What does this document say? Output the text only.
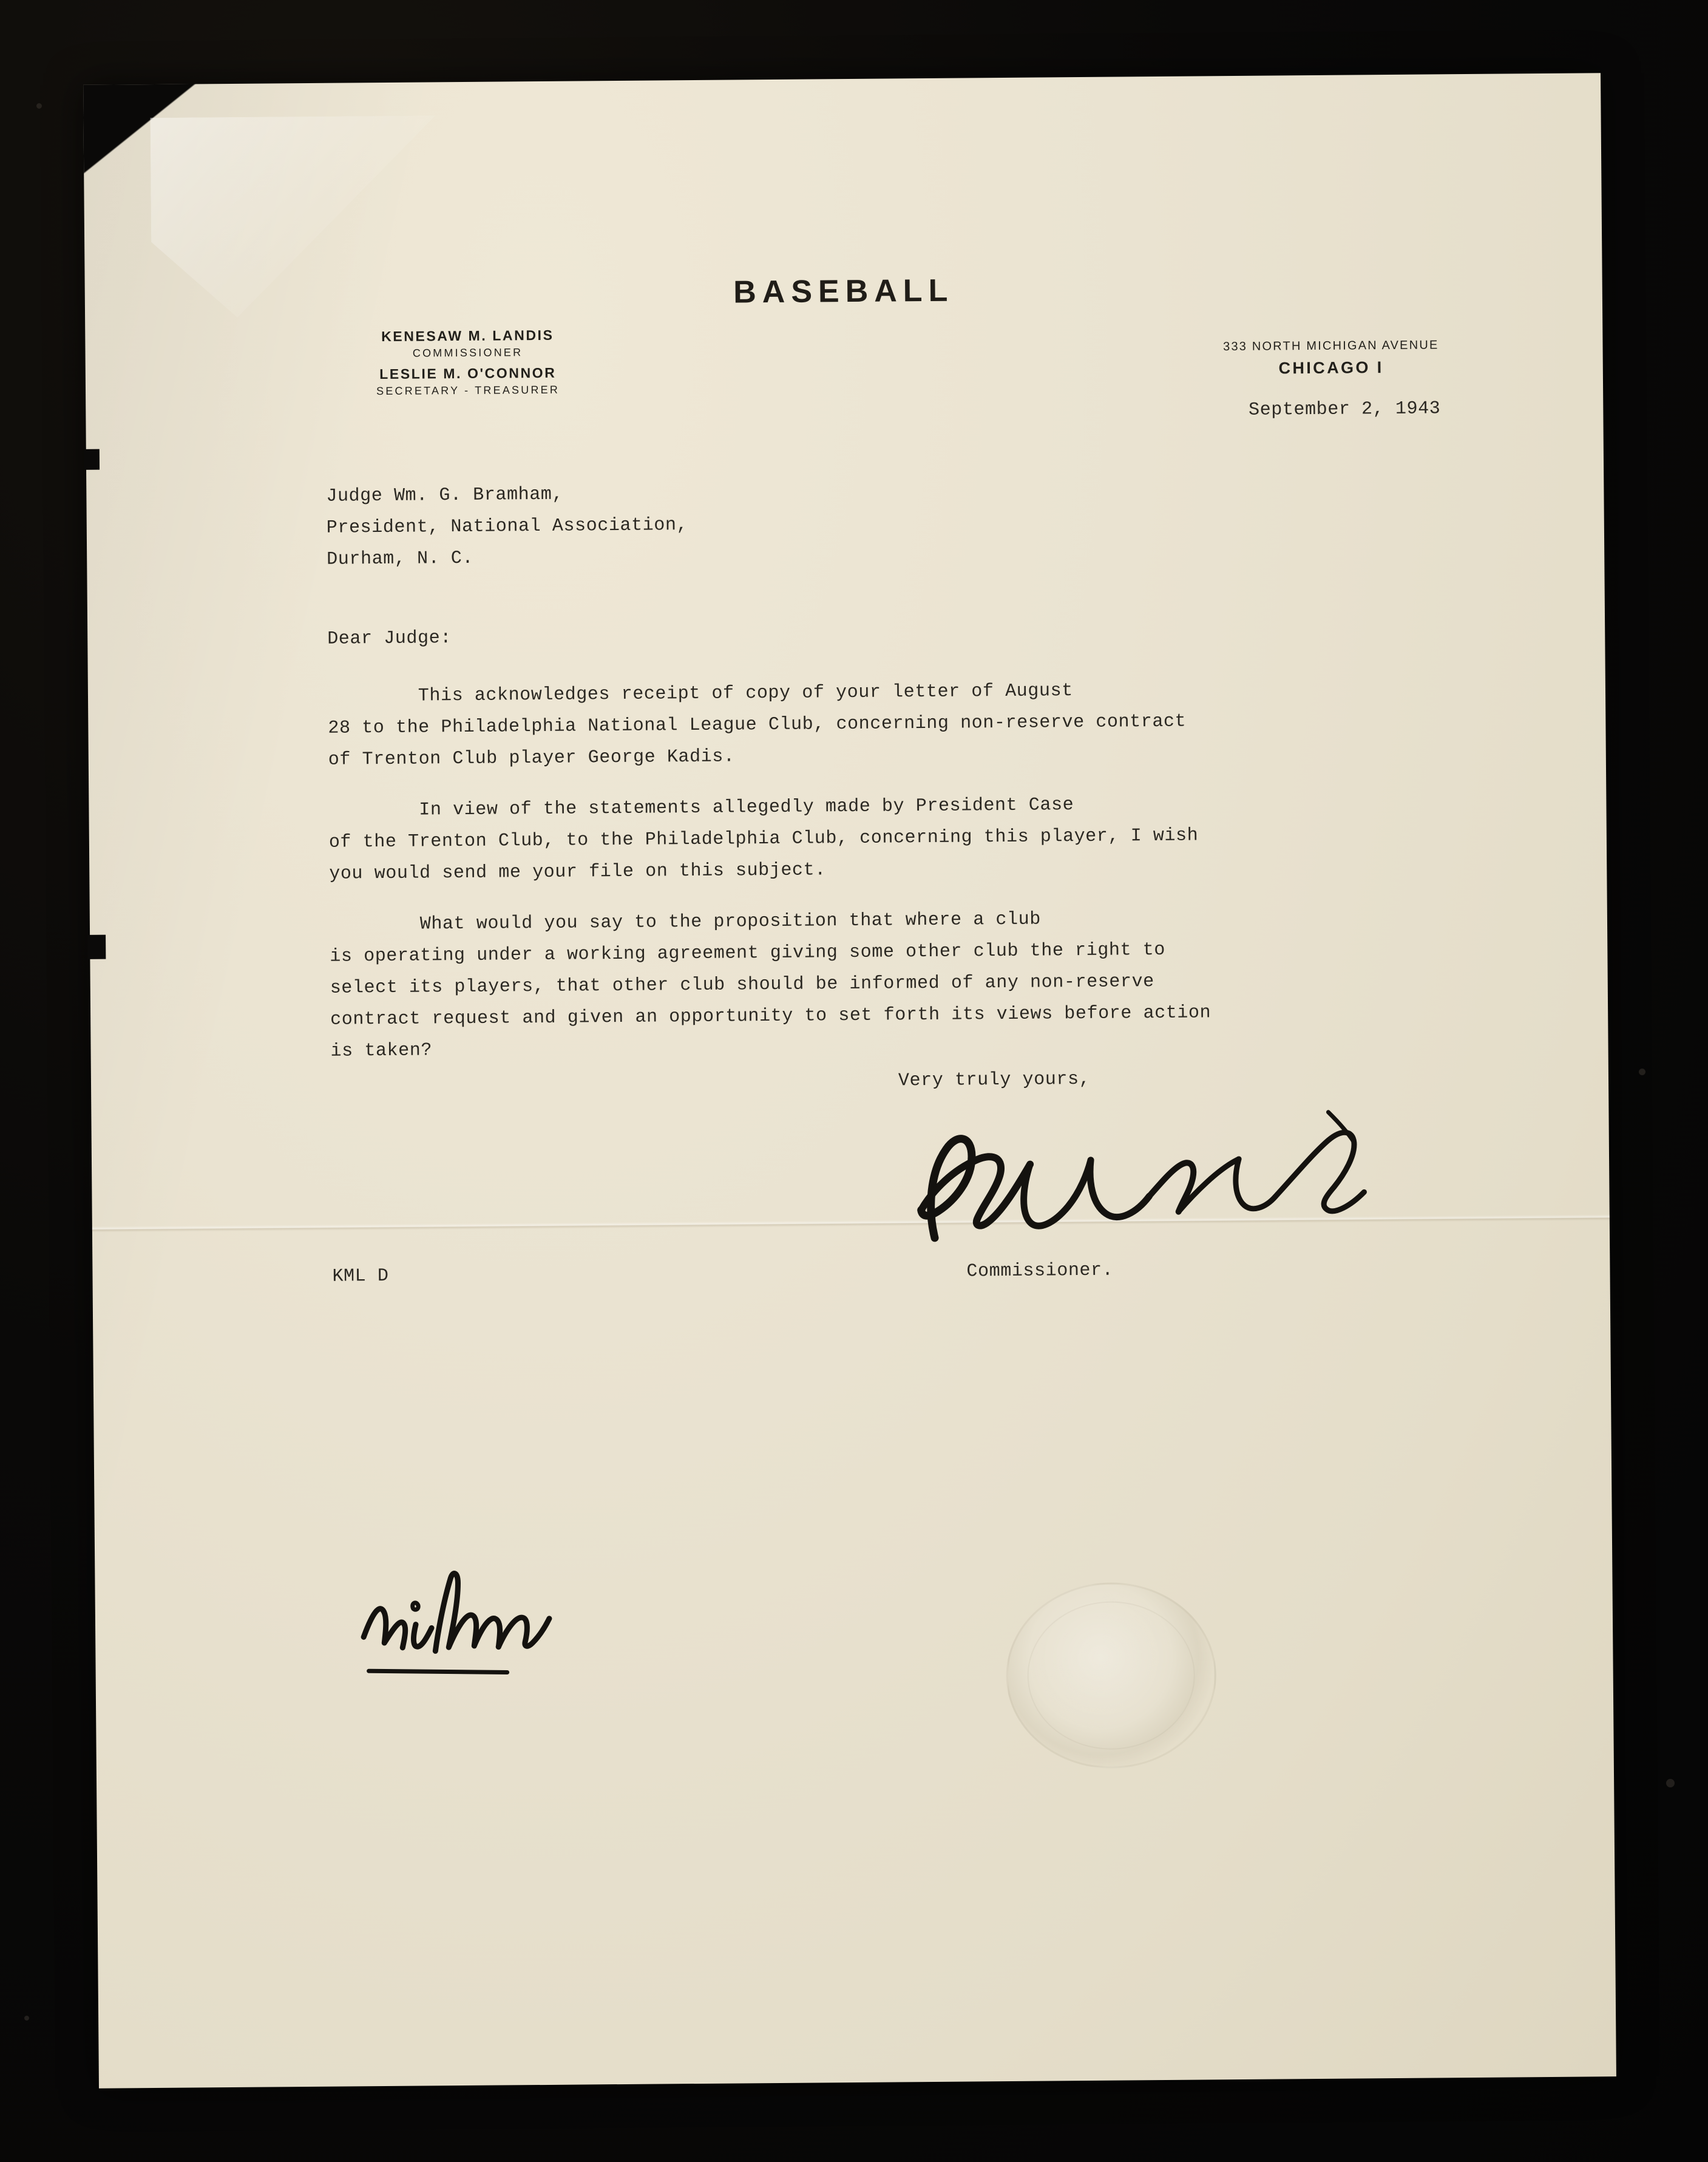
BASEBALL
KENESAW M. LANDIS
COMMISSIONER
LESLIE M. O'CONNOR
SECRETARY - TREASURER
333 NORTH MICHIGAN AVENUE
CHICAGO I
September 2, 1943
Judge Wm. G. Bramham,
President, National Association,
Durham, N. C.
Dear Judge:
This acknowledges receipt of copy of your letter of August
28 to the Philadelphia National League Club, concerning non-reserve contract
of Trenton Club player George Kadis.
In view of the statements allegedly made by President Case
of the Trenton Club, to the Philadelphia Club, concerning this player, I wish
you would send me your file on this subject.
What would you say to the proposition that where a club
is operating under a working agreement giving some other club the right to
select its players, that other club should be informed of any non-reserve
contract request and given an opportunity to set forth its views before action
is taken?
Very truly yours,
Commissioner.
KML D
